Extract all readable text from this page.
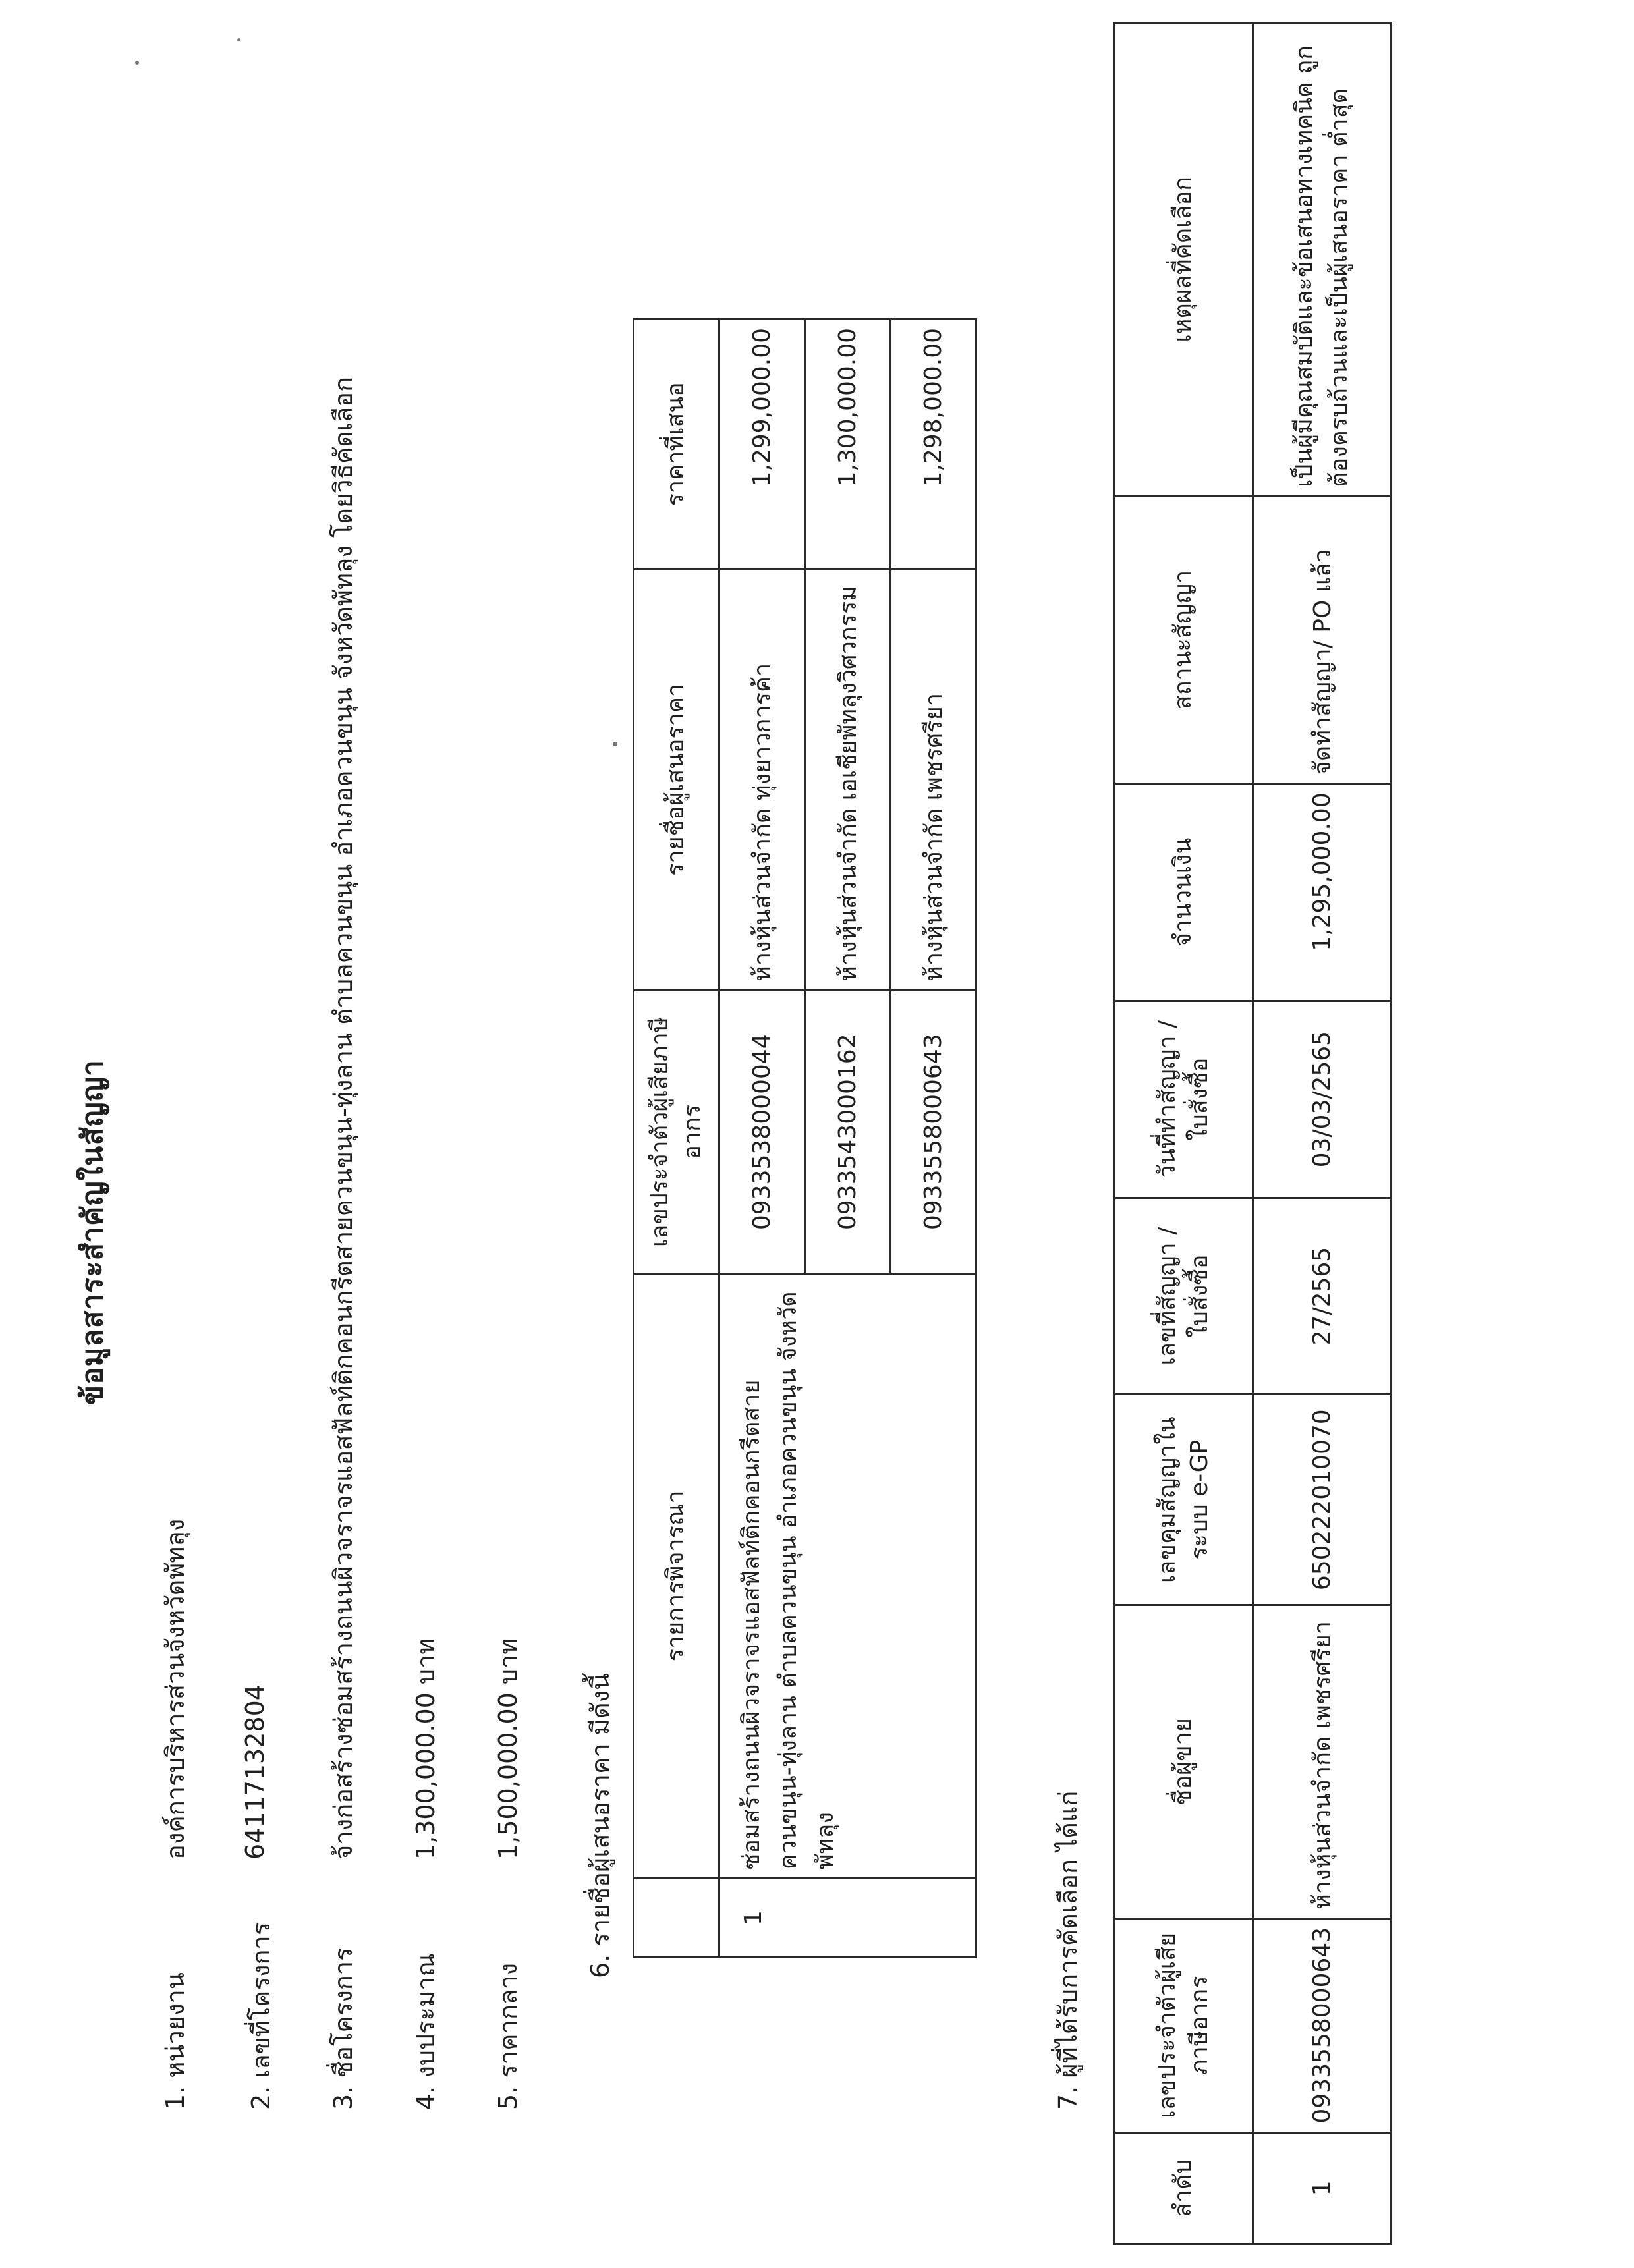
ข้อมูลสาระสำคัญในสัญญา
1. หน่วยงาน
องค์การบริหารส่วนจังหวัดพัทลุง
2. เลขที่โครงการ
64117132804
3. ชื่อโครงการ
จ้างก่อสร้างซ่อมสร้างถนนผิวจราจรแอสฟัลท์ติกคอนกรีตสายควนขนุน-ทุ่งลาน ตำบลควนขนุน อำเภอควนขนุน จังหวัดพัทลุง โดยวิธีคัดเลือก
4. งบประมาณ
1,300,000.00 บาท
5. ราคากลาง
1,500,000.00 บาท	6. รายชื่อผู้เสนอราคา มีดังนี้
	รายการพิจารณา	เลขประจำตัวผู้เสียภาษีอากร	รายชื่อผู้เสนอราคา	ราคาที่เสนอ
1	ซ่อมสร้างถนนผิวจราจรแอสฟัลท์ติกคอนกรีตสายควนขนุน-ทุ่งลาน ตำบลควนขนุน อำเภอควนขนุน จังหวัดพัทลุง	0933538000044	ห้างหุ้นส่วนจำกัด ทุ่งยาวการค้า	1,299,000.00
		0933543000162	ห้างหุ้นส่วนจำกัด เอเชียพัทลุงวิศวกรรม	1,300,000.00
		0933558000643	ห้างหุ้นส่วนจำกัด เพชรศรียา	1,298,000.00
7. ผู้ที่ได้รับการคัดเลือก ได้แก่
ลำดับ	เลขประจำตัวผู้เสียภาษีอากร	ชื่อผู้ขาย	เลขคุมสัญญาในระบบ e-GP	เลขที่สัญญา / ใบสั่งซื้อ	วันที่ทำสัญญา / ใบสั่งซื้อ	จำนวนเงิน	สถานะสัญญา	เหตุผลที่คัดเลือก
1	0933558000643	ห้างหุ้นส่วนจำกัด เพชรศรียา	650222010070	27/2565	03/03/2565	1,295,000.00	จัดทำสัญญา/ PO แล้ว	เป็นผู้มีคุณสมบัติและข้อเสนอทางเทคนิค ถูกต้องครบถ้วนและเป็นผู้เสนอราคา ต่ำสุด
